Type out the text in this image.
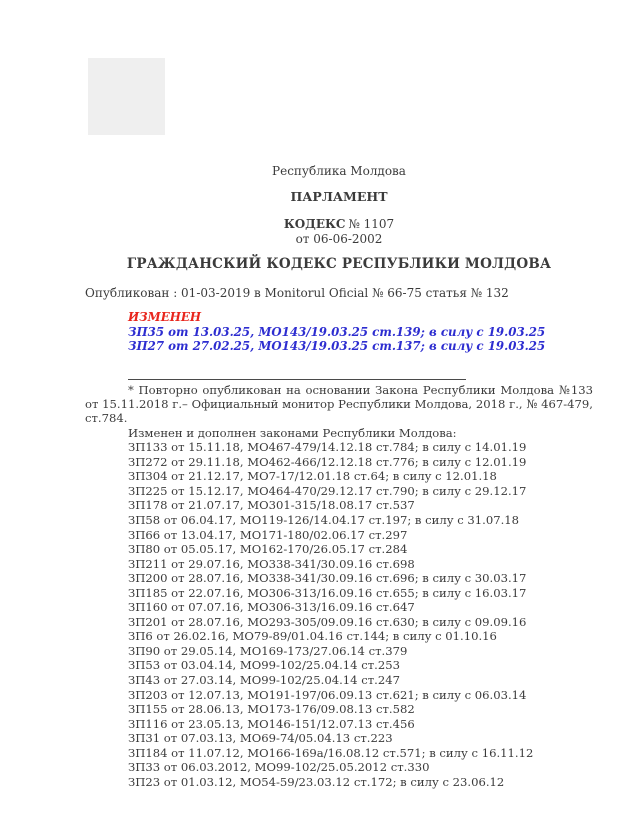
Республика Молдова
ПАРЛАМЕНТ
КОДЕКС № 1107
от 06-06-2002
ГРАЖДАНСКИЙ КОДЕКС РЕСПУБЛИКИ МОЛДОВА
Опубликован : 01-03-2019 в Monitorul Oficial № 66-75 статья № 132
ИЗМЕНЕН
ЗП35 от 13.03.25, МО143/19.03.25 ст.139; в силу с 19.03.25
ЗП27 от 27.02.25, МО143/19.03.25 ст.137; в силу с 19.03.25
* Повторно опубликован на основании Закона Республики Молдова №133 от 15.11.2018 г.– Официальный монитор Республики Молдова, 2018 г., № 467-479, ст.784.
Изменен и дополнен законами Республики Молдова:
ЗП133 от 15.11.18, МО467-479/14.12.18 ст.784; в силу с 14.01.19
ЗП272 от 29.11.18, МО462-466/12.12.18 ст.776; в силу с 12.01.19
ЗП304 от 21.12.17, МО7-17/12.01.18 ст.64; в силу с 12.01.18
ЗП225 от 15.12.17, МО464-470/29.12.17 ст.790; в силу с 29.12.17
ЗП178 от 21.07.17, МО301-315/18.08.17 ст.537
ЗП58 от 06.04.17, МО119-126/14.04.17 ст.197; в силу с 31.07.18
ЗП66 от 13.04.17, МО171-180/02.06.17 ст.297
ЗП80 от 05.05.17, МО162-170/26.05.17 ст.284
ЗП211 от 29.07.16, МО338-341/30.09.16 ст.698
ЗП200 от 28.07.16, МО338-341/30.09.16 ст.696; в силу с 30.03.17
ЗП185 от 22.07.16, МО306-313/16.09.16 ст.655; в силу с 16.03.17
ЗП160 от 07.07.16, МО306-313/16.09.16 ст.647
ЗП201 от 28.07.16, МО293-305/09.09.16 ст.630; в силу с 09.09.16
ЗП6 от 26.02.16, МО79-89/01.04.16 ст.144; в силу с 01.10.16
ЗП90 от 29.05.14, МО169-173/27.06.14 ст.379
ЗП53 от 03.04.14, МО99-102/25.04.14 ст.253
ЗП43 от 27.03.14, МО99-102/25.04.14 ст.247
ЗП203 от 12.07.13, МО191-197/06.09.13 ст.621; в силу с 06.03.14
ЗП155 от 28.06.13, МО173-176/09.08.13 ст.582
ЗП116 от 23.05.13, МО146-151/12.07.13 ст.456
ЗП31 от 07.03.13, МО69-74/05.04.13 ст.223
ЗП184 от 11.07.12, МО166-169а/16.08.12 ст.571; в силу с 16.11.12
ЗП33 от 06.03.2012, МО99-102/25.05.2012 ст.330
ЗП23 от 01.03.12, МО54-59/23.03.12 ст.172; в силу с 23.06.12
